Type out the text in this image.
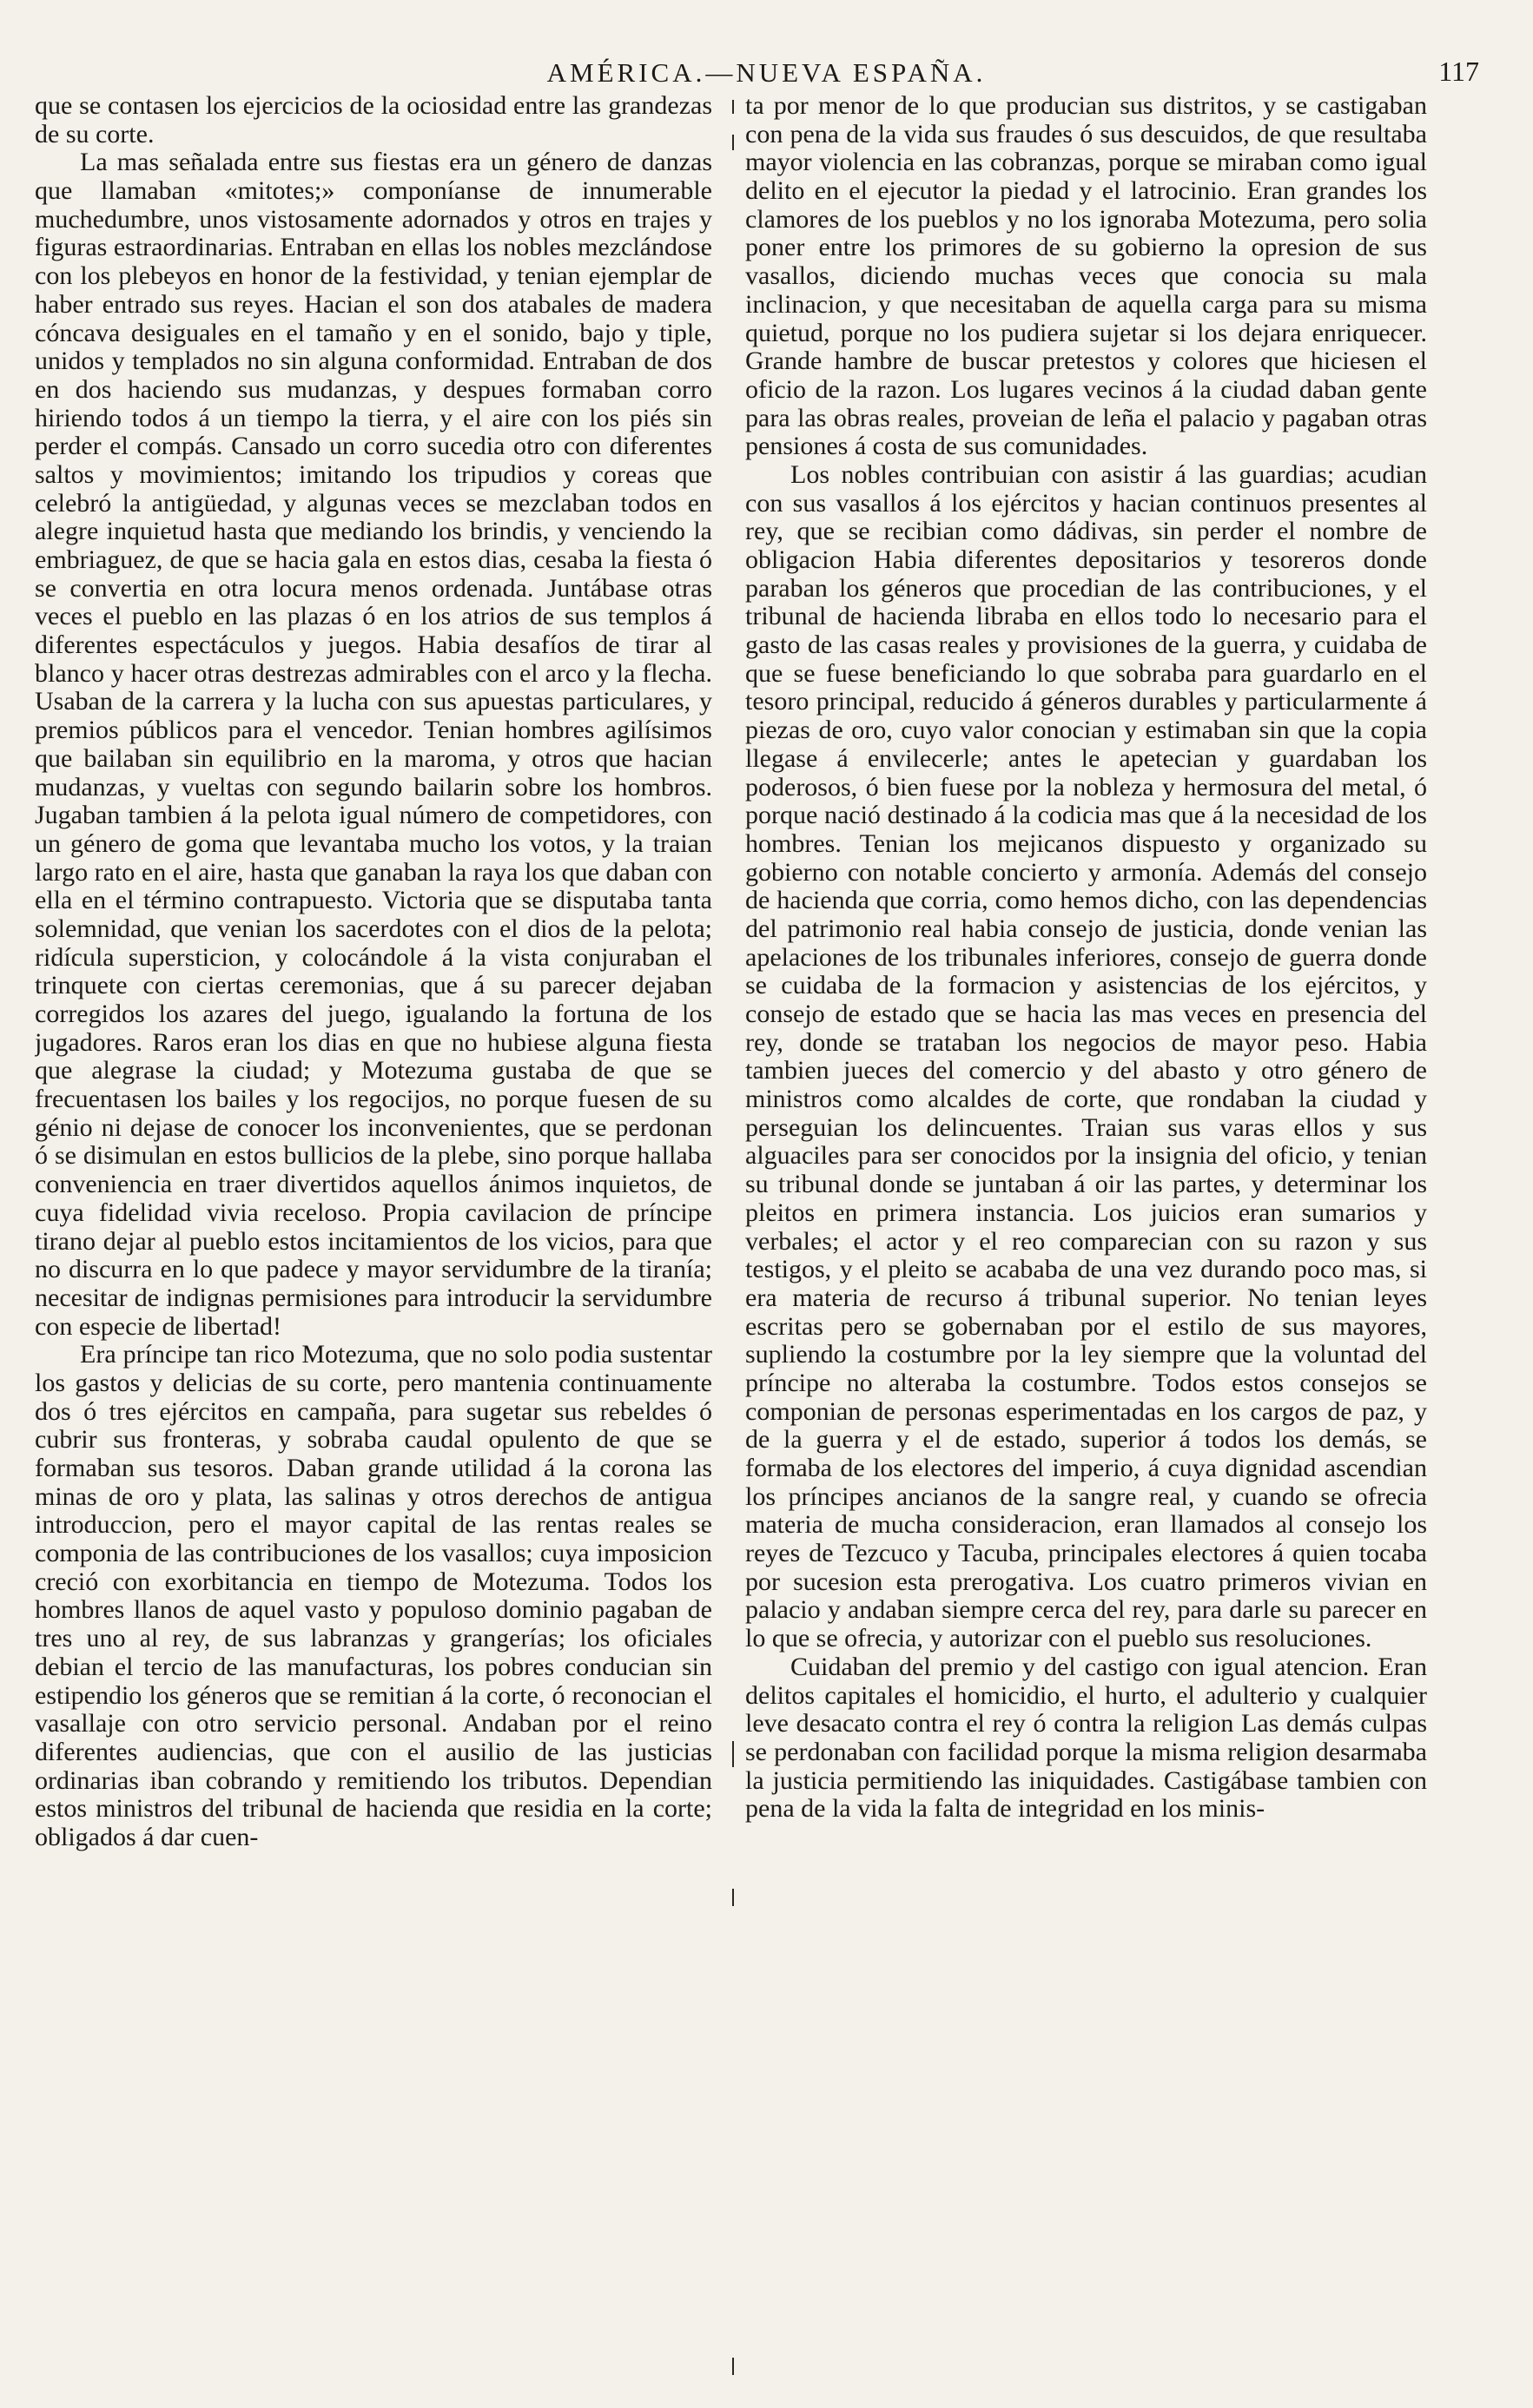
AMÉRICA.—NUEVA ESPAÑA.	117

que se contasen los ejercicios de la ociosidad entre las grandezas de su corte.

La mas señalada entre sus fiestas era un género de danzas que llamaban «mitotes;» componíanse de innumerable muchedumbre, unos vistosamente adornados y otros en trajes y figuras estraordinarias. Entraban en ellas los nobles mezclándose con los plebeyos en honor de la festividad, y tenian ejemplar de haber entrado sus reyes. Hacian el son dos atabales de madera cóncava desiguales en el tamaño y en el sonido, bajo y tiple, unidos y templados no sin alguna conformidad. Entraban de dos en dos haciendo sus mudanzas, y despues formaban corro hiriendo todos á un tiempo la tierra, y el aire con los piés sin perder el compás. Cansado un corro sucedia otro con diferentes saltos y movimientos; imitando los tripudios y coreas que celebró la antigüedad, y algunas veces se mezclaban todos en alegre inquietud hasta que mediando los brindis, y venciendo la embriaguez, de que se hacia gala en estos dias, cesaba la fiesta ó se convertia en otra locura menos ordenada. Juntábase otras veces el pueblo en las plazas ó en los atrios de sus templos á diferentes espectáculos y juegos. Habia desafíos de tirar al blanco y hacer otras destrezas admirables con el arco y la flecha. Usaban de la carrera y la lucha con sus apuestas particulares, y premios públicos para el vencedor. Tenian hombres agilísimos que bailaban sin equilibrio en la maroma, y otros que hacian mudanzas, y vueltas con segundo bailarin sobre los hombros. Jugaban tambien á la pelota igual número de competidores, con un género de goma que levantaba mucho los votos, y la traian largo rato en el aire, hasta que ganaban la raya los que daban con ella en el término contrapuesto. Victoria que se disputaba tanta solemnidad, que venian los sacerdotes con el dios de la pelota; ridícula supersticion, y colocándole á la vista conjuraban el trinquete con ciertas ceremonias, que á su parecer dejaban corregidos los azares del juego, igualando la fortuna de los jugadores. Raros eran los dias en que no hubiese alguna fiesta que alegrase la ciudad; y Motezuma gustaba de que se frecuentasen los bailes y los regocijos, no porque fuesen de su génio ni dejase de conocer los inconvenientes, que se perdonan ó se disimulan en estos bullicios de la plebe, sino porque hallaba conveniencia en traer divertidos aquellos ánimos inquietos, de cuya fidelidad vivia receloso. Propia cavilacion de príncipe tirano dejar al pueblo estos incitamientos de los vicios, para que no discurra en lo que padece y mayor servidumbre de la tiranía; necesitar de indignas permisiones para introducir la servidumbre con especie de libertad!

Era príncipe tan rico Motezuma, que no solo podia sustentar los gastos y delicias de su corte, pero mantenia continuamente dos ó tres ejércitos en campaña, para sugetar sus rebeldes ó cubrir sus fronteras, y sobraba caudal opulento de que se formaban sus tesoros. Daban grande utilidad á la corona las minas de oro y plata, las salinas y otros derechos de antigua introduccion, pero el mayor capital de las rentas reales se componia de las contribuciones de los vasallos; cuya imposicion creció con exorbitancia en tiempo de Motezuma. Todos los hombres llanos de aquel vasto y populoso dominio pagaban de tres uno al rey, de sus labranzas y grangerías; los oficiales debian el tercio de las manufacturas, los pobres conducian sin estipendio los géneros que se remitian á la corte, ó reconocian el vasallaje con otro servicio personal. Andaban por el reino diferentes audiencias, que con el ausilio de las justicias ordinarias iban cobrando y remitiendo los tributos. Dependian estos ministros del tribunal de hacienda que residia en la corte; obligados á dar cuen-

ta por menor de lo que producian sus distritos, y se castigaban con pena de la vida sus fraudes ó sus descuidos, de que resultaba mayor violencia en las cobranzas, porque se miraban como igual delito en el ejecutor la piedad y el latrocinio. Eran grandes los clamores de los pueblos y no los ignoraba Motezuma, pero solia poner entre los primores de su gobierno la opresion de sus vasallos, diciendo muchas veces que conocia su mala inclinacion, y que necesitaban de aquella carga para su misma quietud, porque no los pudiera sujetar si los dejara enriquecer. Grande hambre de buscar pretestos y colores que hiciesen el oficio de la razon. Los lugares vecinos á la ciudad daban gente para las obras reales, proveian de leña el palacio y pagaban otras pensiones á costa de sus comunidades.

Los nobles contribuian con asistir á las guardias; acudian con sus vasallos á los ejércitos y hacian continuos presentes al rey, que se recibian como dádivas, sin perder el nombre de obligacion Habia diferentes depositarios y tesoreros donde paraban los géneros que procedian de las contribuciones, y el tribunal de hacienda libraba en ellos todo lo necesario para el gasto de las casas reales y provisiones de la guerra, y cuidaba de que se fuese beneficiando lo que sobraba para guardarlo en el tesoro principal, reducido á géneros durables y particularmente á piezas de oro, cuyo valor conocian y estimaban sin que la copia llegase á envilecerle; antes le apetecian y guardaban los poderosos, ó bien fuese por la nobleza y hermosura del metal, ó porque nació destinado á la codicia mas que á la necesidad de los hombres. Tenian los mejicanos dispuesto y organizado su gobierno con notable concierto y armonía. Además del consejo de hacienda que corria, como hemos dicho, con las dependencias del patrimonio real habia consejo de justicia, donde venian las apelaciones de los tribunales inferiores, consejo de guerra donde se cuidaba de la formacion y asistencias de los ejércitos, y consejo de estado que se hacia las mas veces en presencia del rey, donde se trataban los negocios de mayor peso. Habia tambien jueces del comercio y del abasto y otro género de ministros como alcaldes de corte, que rondaban la ciudad y perseguian los delincuentes. Traian sus varas ellos y sus alguaciles para ser conocidos por la insignia del oficio, y tenian su tribunal donde se juntaban á oir las partes, y determinar los pleitos en primera instancia. Los juicios eran sumarios y verbales; el actor y el reo comparecian con su razon y sus testigos, y el pleito se acababa de una vez durando poco mas, si era materia de recurso á tribunal superior. No tenian leyes escritas pero se gobernaban por el estilo de sus mayores, supliendo la costumbre por la ley siempre que la voluntad del príncipe no alteraba la costumbre. Todos estos consejos se componian de personas esperimentadas en los cargos de paz, y de la guerra y el de estado, superior á todos los demás, se formaba de los electores del imperio, á cuya dignidad ascendian los príncipes ancianos de la sangre real, y cuando se ofrecia materia de mucha consideracion, eran llamados al consejo los reyes de Tezcuco y Tacuba, principales electores á quien tocaba por sucesion esta prerogativa. Los cuatro primeros vivian en palacio y andaban siempre cerca del rey, para darle su parecer en lo que se ofrecia, y autorizar con el pueblo sus resoluciones.

Cuidaban del premio y del castigo con igual atencion. Eran delitos capitales el homicidio, el hurto, el adulterio y cualquier leve desacato contra el rey ó contra la religion Las demás culpas se perdonaban con facilidad porque la misma religion desarmaba la justicia permitiendo las iniquidades. Castigábase tambien con pena de la vida la falta de integridad en los minis-
